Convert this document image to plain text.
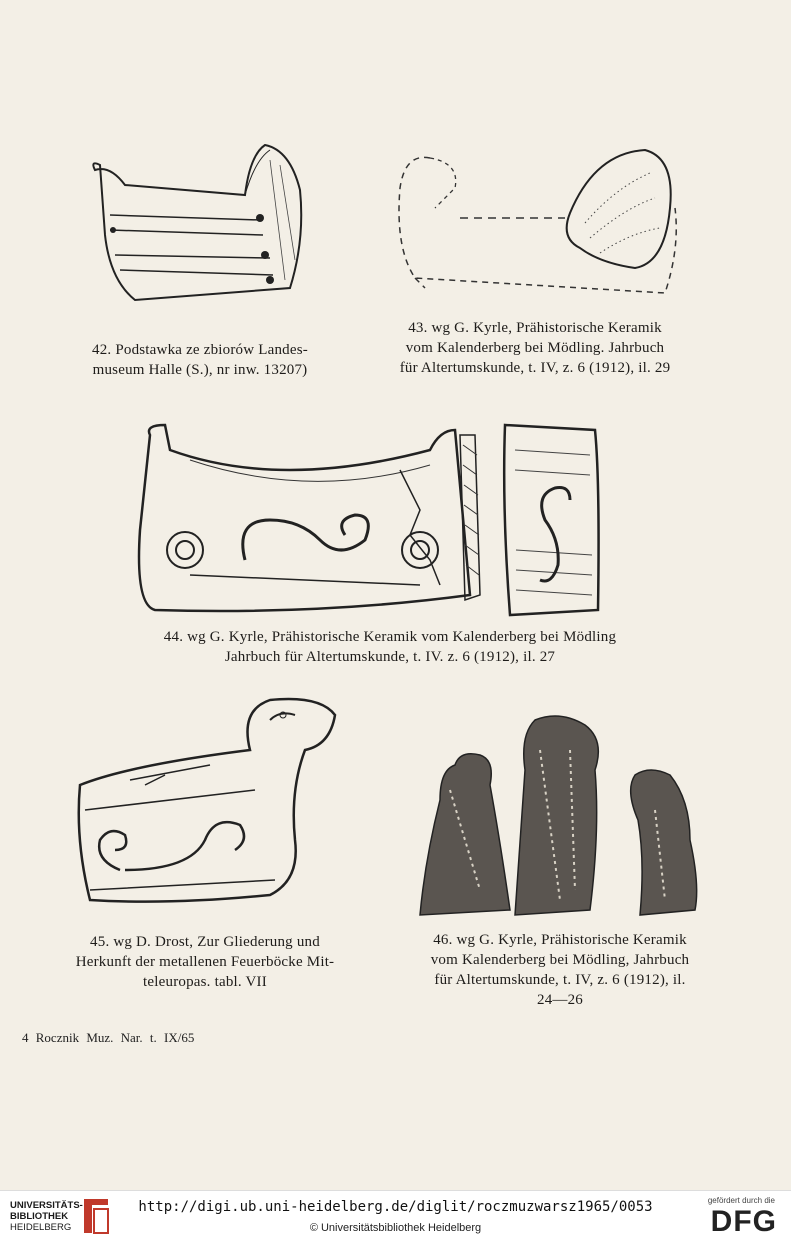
42. Podstawka ze zbiorów Landes-
museum Halle (S.), nr inw. 13207)
43. wg G. Kyrle, Prähistorische Keramik
vom Kalenderberg bei Mödling. Jahrbuch
für Altertumskunde, t. IV, z. 6 (1912), il. 29
44. wg G. Kyrle, Prähistorische Keramik vom Kalenderberg bei Mödling
Jahrbuch für Altertumskunde, t. IV. z. 6 (1912), il. 27
45. wg D. Drost, Zur Gliederung und
Herkunft der metallenen Feuerböcke Mit-
teleuropas. tabl. VII
46. wg G. Kyrle, Prähistorische Keramik
vom Kalenderberg bei Mödling, Jahrbuch
für Altertumskunde, t. IV, z. 6 (1912), il.
24—26
4 Rocznik Muz. Nar. t. IX/65
UNIVERSITÄTS-
BIBLIOTHEK
HEIDELBERG
http://digi.ub.uni-heidelberg.de/diglit/roczmuzwarsz1965/0053
© Universitätsbibliothek Heidelberg
gefördert durch die
DFG
